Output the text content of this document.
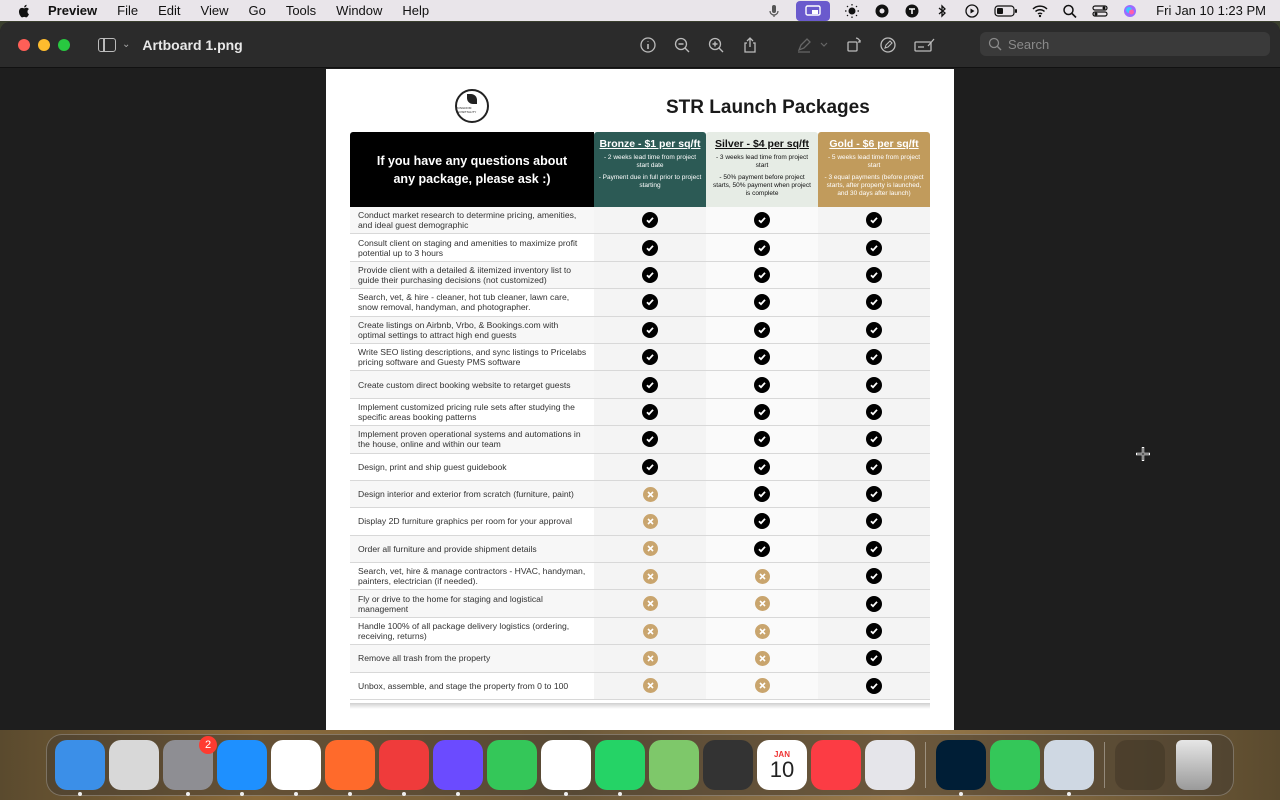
Preview File Edit View Go Tools Window Help	Fri Jan 10 1:23 PM
⌄ Artboard 1.png
Search
KINGDOM HOSPITALITY	STR Launch Packages
If you have any questions about any package, please ask :)
Bronze - $1 per sq/ft
- 2 weeks lead time from project start date
- Payment due in full prior to project starting
Silver - $4 per sq/ft
- 3 weeks lead time from project start
- 50% payment before project starts, 50% payment when project is complete
Gold - $6 per sq/ft
- 5 weeks lead time from project start
- 3 equal payments (before project starts, after property is launched, and 30 days after launch)
Conduct market research to determine pricing, amenities, and ideal guest demographic
Consult client on staging and amenities to maximize profit potential up to 3 hours
Provide client with a detailed & iitemized inventory list to guide their purchasing decisions (not customized)
Search, vet, & hire - cleaner, hot tub cleaner, lawn care, snow removal, handyman, and photographer.
Create listings on Airbnb, Vrbo, & Bookings.com with optimal settings to attract high end guests
Write SEO listing descriptions, and sync listings to Pricelabs pricing software and Guesty PMS software
Create custom direct booking website to retarget guests
Implement customized pricing rule sets after studying the specific areas booking patterns
Implement proven operational systems and automations in the house, online and within our team
Design, print and ship guest guidebook
Design interior and exterior from scratch (furniture, paint)
Display 2D furniture graphics per room for your approval
Order all furniture and provide shipment details
Search, vet, hire & manage contractors - HVAC, handyman, painters, electrician (if needed).
Fly or drive to the home for staging and logistical management
Handle 100% of all package delivery logistics (ordering, receiving, returns)
Remove all trash from the property
Unbox, assemble, and stage the property from 0 to 100
2
JAN
10
